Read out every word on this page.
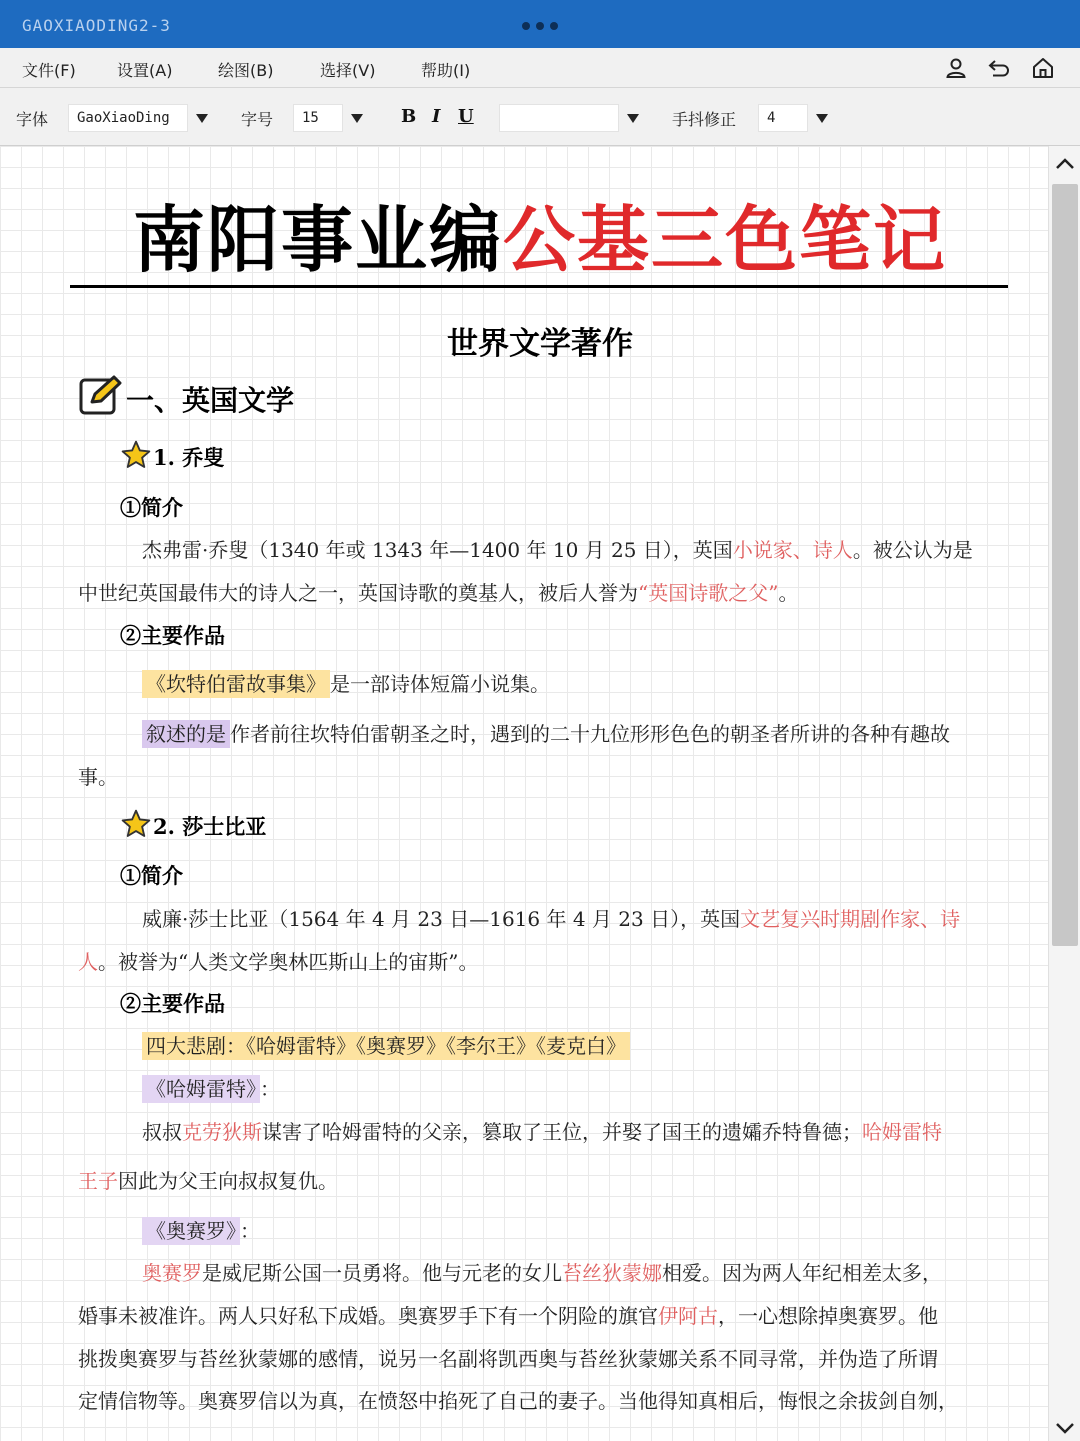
GAOXIAODING2-3
文件(F)	设置(A)	绘图(B)	选择(V)	帮助(I)
字体	GaoXiaoDing	字号	15	B I U	手抖修正	4
南阳事业编公基三色笔记
世界文学著作
一、英国文学
1. 乔叟
①简介
杰弗雷·乔叟（1340 年或 1343 年—1400 年 10 月 25 日），英国小说家、诗人。被公认为是
中世纪英国最伟大的诗人之一，英国诗歌的奠基人，被后人誉为“英国诗歌之父”。
②主要作品
《坎特伯雷故事集》 是一部诗体短篇小说集。
叙述的是 作者前往坎特伯雷朝圣之时，遇到的二十九位形形色色的朝圣者所讲的各种有趣故
事。
2. 莎士比亚
①简介
威廉·莎士比亚（1564 年 4 月 23 日—1616 年 4 月 23 日），英国文艺复兴时期剧作家、诗
人。被誉为“人类文学奥林匹斯山上的宙斯”。
②主要作品
四大悲剧：《哈姆雷特》《奥赛罗》《李尔王》《麦克白》
《哈姆雷特》 ：
叔叔克劳狄斯谋害了哈姆雷特的父亲，篡取了王位，并娶了国王的遗孀乔特鲁德；哈姆雷特
王子因此为父王向叔叔复仇。
《奥赛罗》 ：
奥赛罗是威尼斯公国一员勇将。他与元老的女儿苔丝狄蒙娜相爱。因为两人年纪相差太多，
婚事未被准许。两人只好私下成婚。奥赛罗手下有一个阴险的旗官伊阿古，一心想除掉奥赛罗。他
挑拨奥赛罗与苔丝狄蒙娜的感情，说另一名副将凯西奥与苔丝狄蒙娜关系不同寻常，并伪造了所谓
定情信物等。奥赛罗信以为真，在愤怒中掐死了自己的妻子。当他得知真相后，悔恨之余拔剑自刎，
